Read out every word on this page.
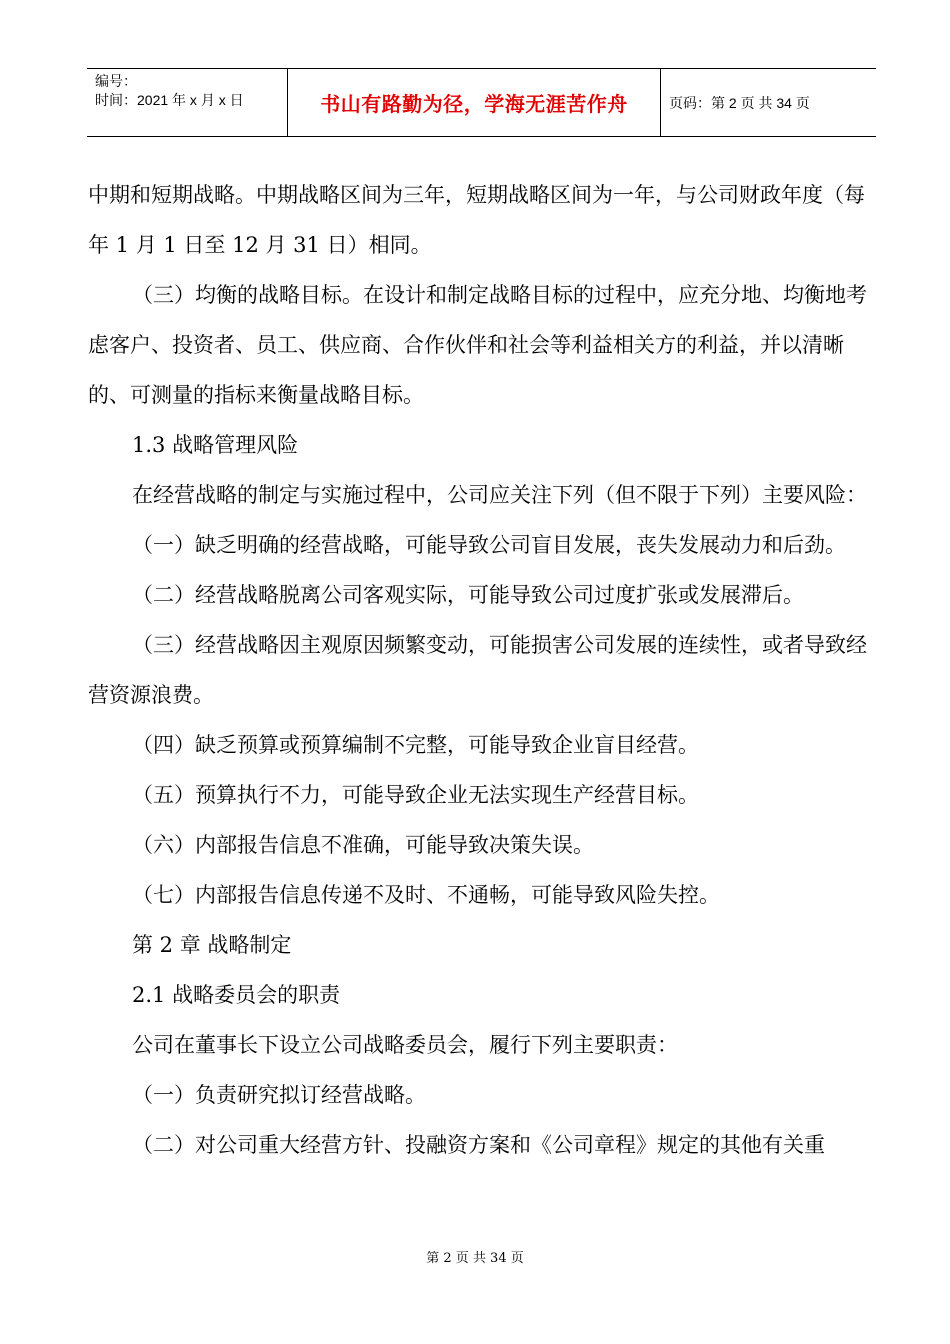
编号：
时间：2021 年 x 月 x 日	书山有路勤为径，学海无涯苦作舟	页码：第 2 页 共 34 页

中期和短期战略。中期战略区间为三年，短期战略区间为一年，与公司财政年度（每年 1 月 1 日至 12 月 31 日）相同。

（三）均衡的战略目标。在设计和制定战略目标的过程中，应充分地、均衡地考虑客户、投资者、员工、供应商、合作伙伴和社会等利益相关方的利益，并以清晰的、可测量的指标来衡量战略目标。

1.3 战略管理风险

在经营战略的制定与实施过程中，公司应关注下列（但不限于下列）主要风险：

（一）缺乏明确的经营战略，可能导致公司盲目发展，丧失发展动力和后劲。

（二）经营战略脱离公司客观实际，可能导致公司过度扩张或发展滞后。

（三）经营战略因主观原因频繁变动，可能损害公司发展的连续性，或者导致经营资源浪费。

（四）缺乏预算或预算编制不完整，可能导致企业盲目经营。

（五）预算执行不力，可能导致企业无法实现生产经营目标。

（六）内部报告信息不准确，可能导致决策失误。

（七）内部报告信息传递不及时、不通畅，可能导致风险失控。

第 2 章 战略制定

2.1 战略委员会的职责

公司在董事长下设立公司战略委员会，履行下列主要职责：

（一）负责研究拟订经营战略。

（二）对公司重大经营方针、投融资方案和《公司章程》规定的其他有关重

第 2 页 共 34 页
